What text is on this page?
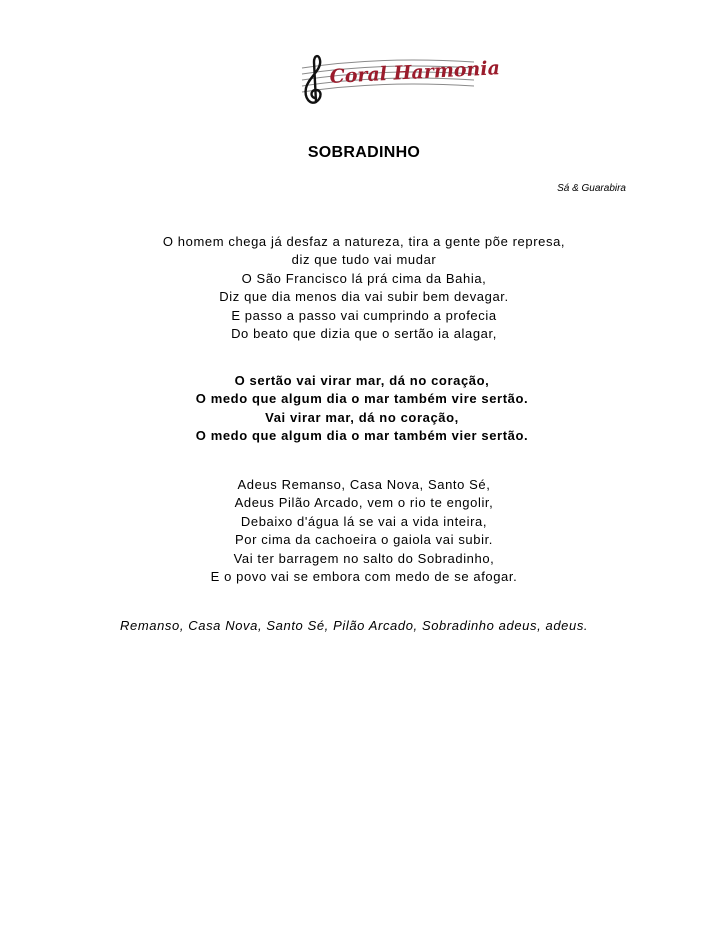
Coral Harmonia
SOBRADINHO
Sá & Guarabira
O homem chega já desfaz a natureza, tira a gente põe represa,
diz que tudo vai mudar
O São Francisco lá prá cima da Bahia,
Diz que dia menos dia vai subir bem devagar.
E passo a passo vai cumprindo a profecia
Do beato que dizia que o sertão ia alagar,
O sertão vai virar mar, dá no coração,
O medo que algum dia o mar também vire sertão.
Vai virar mar, dá no coração,
O medo que algum dia o mar também vier sertão.
Adeus Remanso, Casa Nova, Santo Sé,
Adeus Pilão Arcado, vem o rio te engolir,
Debaixo d'água lá se vai a vida inteira,
Por cima da cachoeira o gaiola vai subir.
Vai ter barragem no salto do Sobradinho,
E o povo vai se embora com medo de se afogar.
Remanso, Casa Nova, Santo Sé, Pilão Arcado, Sobradinho adeus, adeus.
